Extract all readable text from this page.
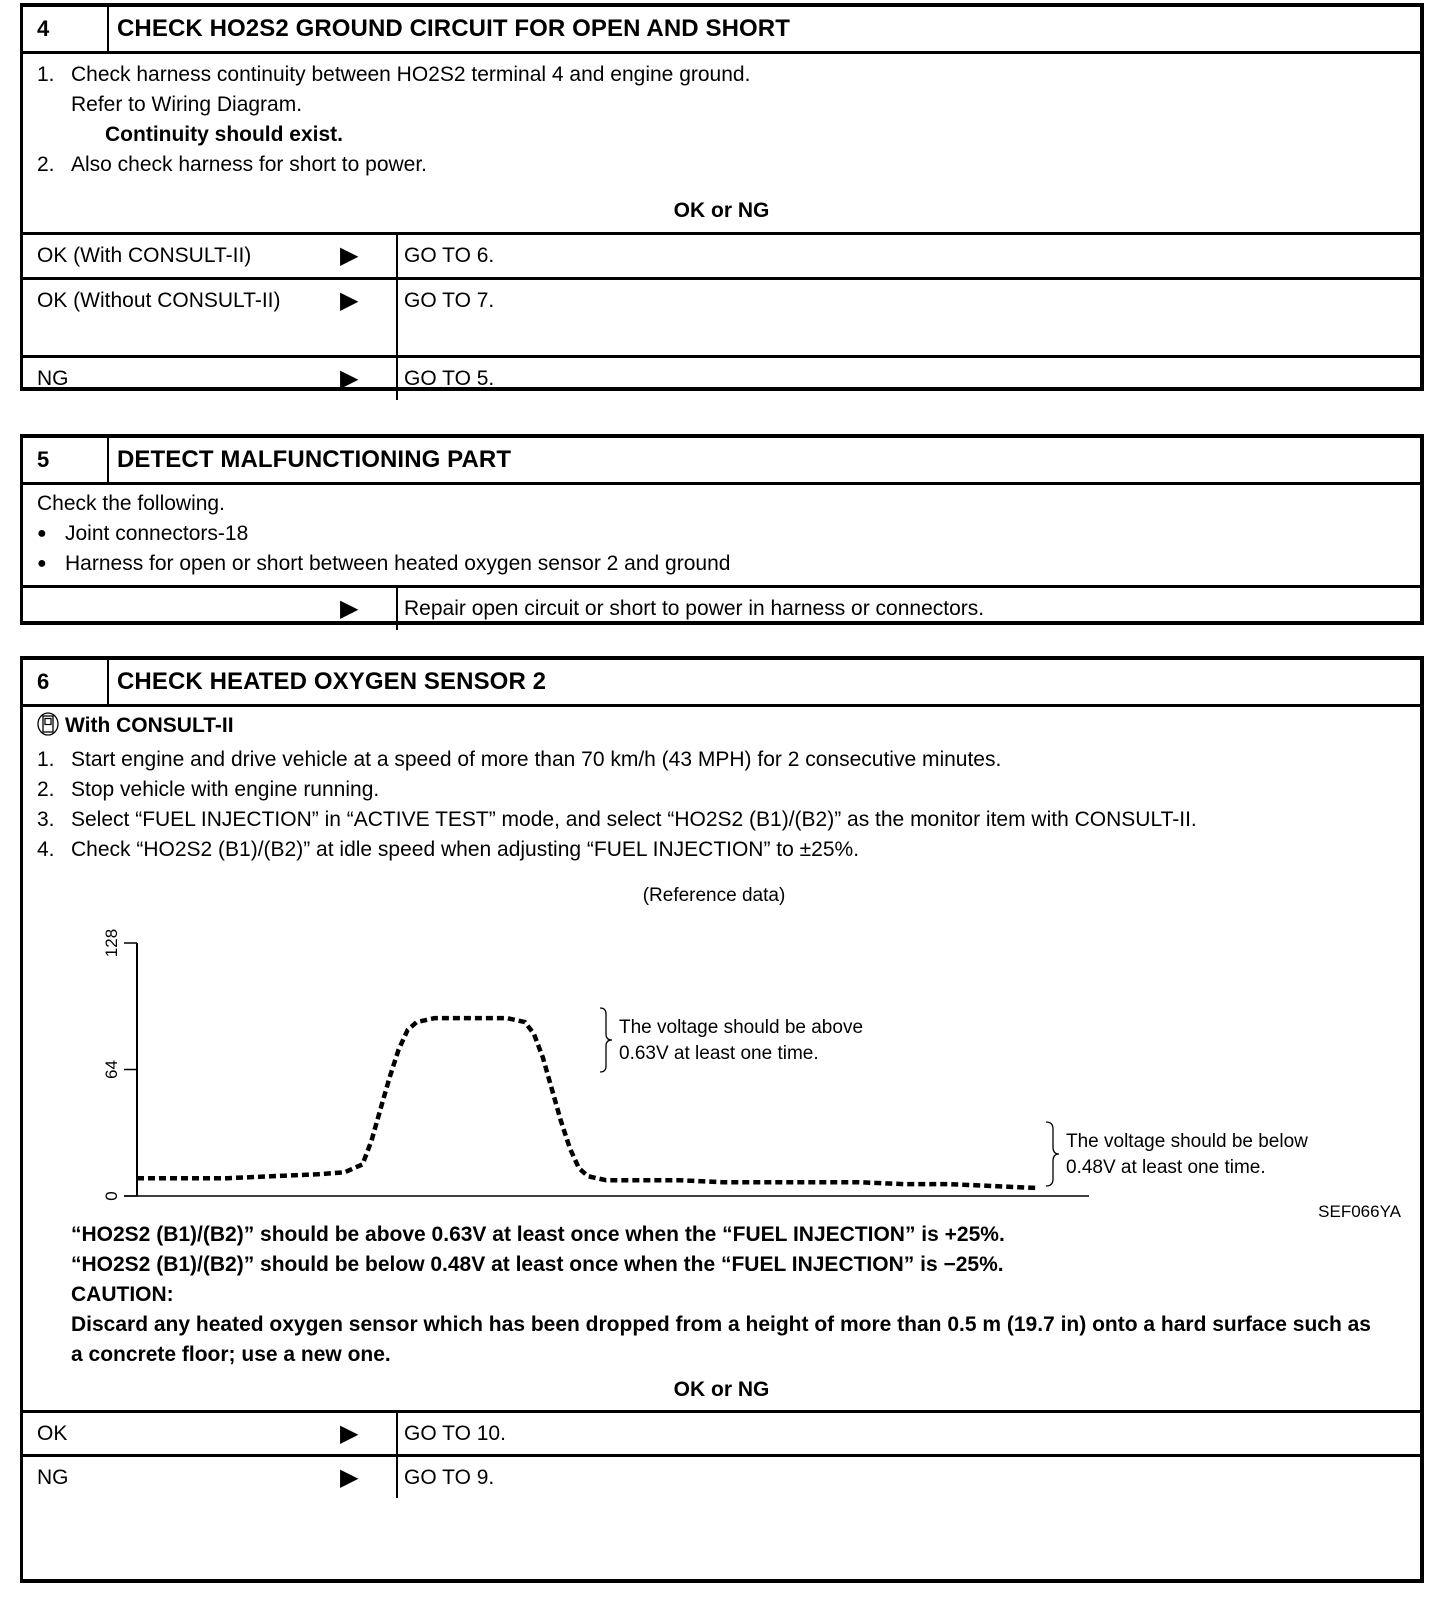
4	CHECK HO2S2 GROUND CIRCUIT FOR OPEN AND SHORT
1. Check harness continuity between HO2S2 terminal 4 and engine ground.
Refer to Wiring Diagram.
Continuity should exist.
2. Also check harness for short to power.
OK or NG
OK (With CONSULT-II)	▶	GO TO 6.
OK (Without CONSULT-II)	▶	GO TO 7.
NG	▶	GO TO 5.
5	DETECT MALFUNCTIONING PART
Check the following.
● Joint connectors-18
● Harness for open or short between heated oxygen sensor 2 and ground
▶	Repair open circuit or short to power in harness or connectors.
6	CHECK HEATED OXYGEN SENSOR 2
With CONSULT-II
1. Start engine and drive vehicle at a speed of more than 70 km/h (43 MPH) for 2 consecutive minutes.
2. Stop vehicle with engine running.
3. Select “FUEL INJECTION” in “ACTIVE TEST” mode, and select “HO2S2 (B1)/(B2)” as the monitor item with CONSULT-II.
4. Check “HO2S2 (B1)/(B2)” at idle speed when adjusting “FUEL INJECTION” to ±25%.
(Reference data)
0
64
128
The voltage should be above
0.63V at least one time.
The voltage should be below
0.48V at least one time.
SEF066YA
“HO2S2 (B1)/(B2)” should be above 0.63V at least once when the “FUEL INJECTION” is +25%.
“HO2S2 (B1)/(B2)” should be below 0.48V at least once when the “FUEL INJECTION” is −25%.
CAUTION:
Discard any heated oxygen sensor which has been dropped from a height of more than 0.5 m (19.7 in) onto a hard surface such as a concrete floor; use a new one.
OK or NG
OK	▶	GO TO 10.
NG	▶	GO TO 9.
